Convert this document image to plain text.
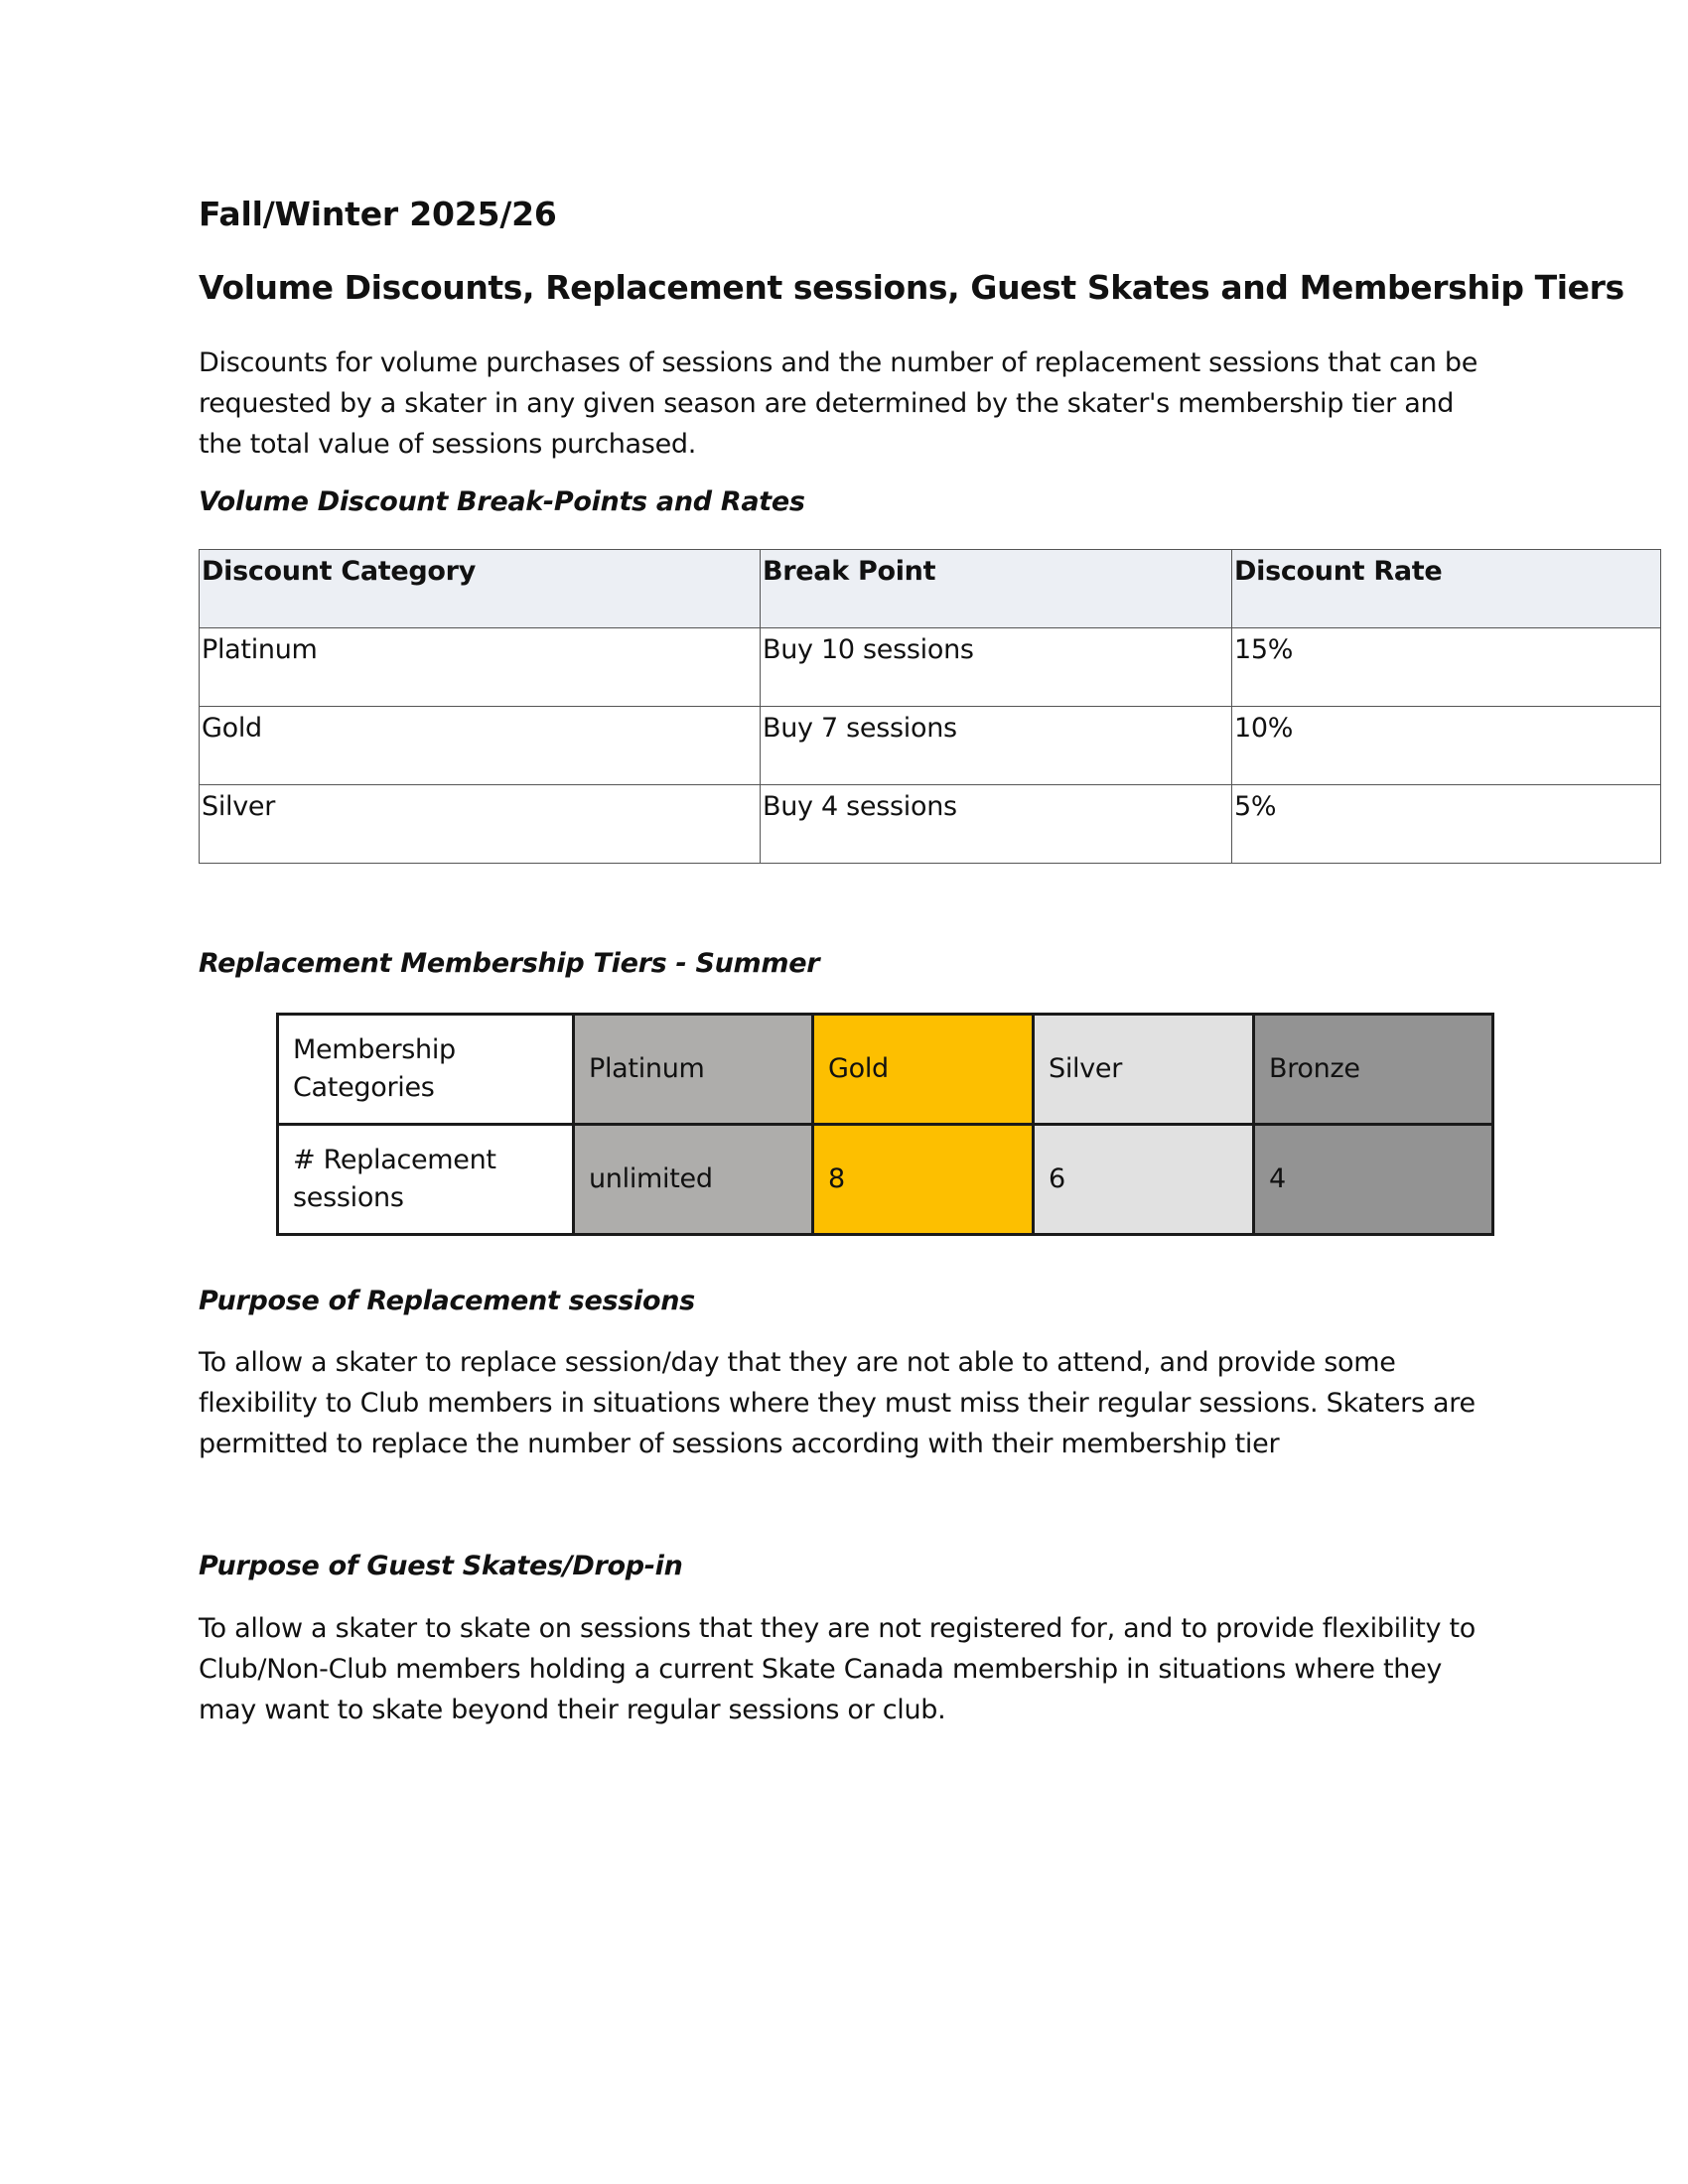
Fall/Winter 2025/26
Volume Discounts, Replacement sessions, Guest Skates and Membership Tiers

Discounts for volume purchases of sessions and the number of replacement sessions that can be requested by a skater in any given season are determined by the skater's membership tier and the total value of sessions purchased.

Volume Discount Break-Points and Rates

Discount Category	Break Point	Discount Rate
Platinum	Buy 10 sessions	15%
Gold	Buy 7 sessions	10%
Silver	Buy 4 sessions	5%

Replacement Membership Tiers - Summer

Membership Categories	Platinum	Gold	Silver	Bronze
# Replacement sessions	unlimited	8	6	4

Purpose of Replacement sessions

To allow a skater to replace session/day that they are not able to attend, and provide some flexibility to Club members in situations where they must miss their regular sessions. Skaters are permitted to replace the number of sessions according with their membership tier

Purpose of Guest Skates/Drop-in

To allow a skater to skate on sessions that they are not registered for, and to provide flexibility to Club/Non-Club members holding a current Skate Canada membership in situations where they may want to skate beyond their regular sessions or club.
